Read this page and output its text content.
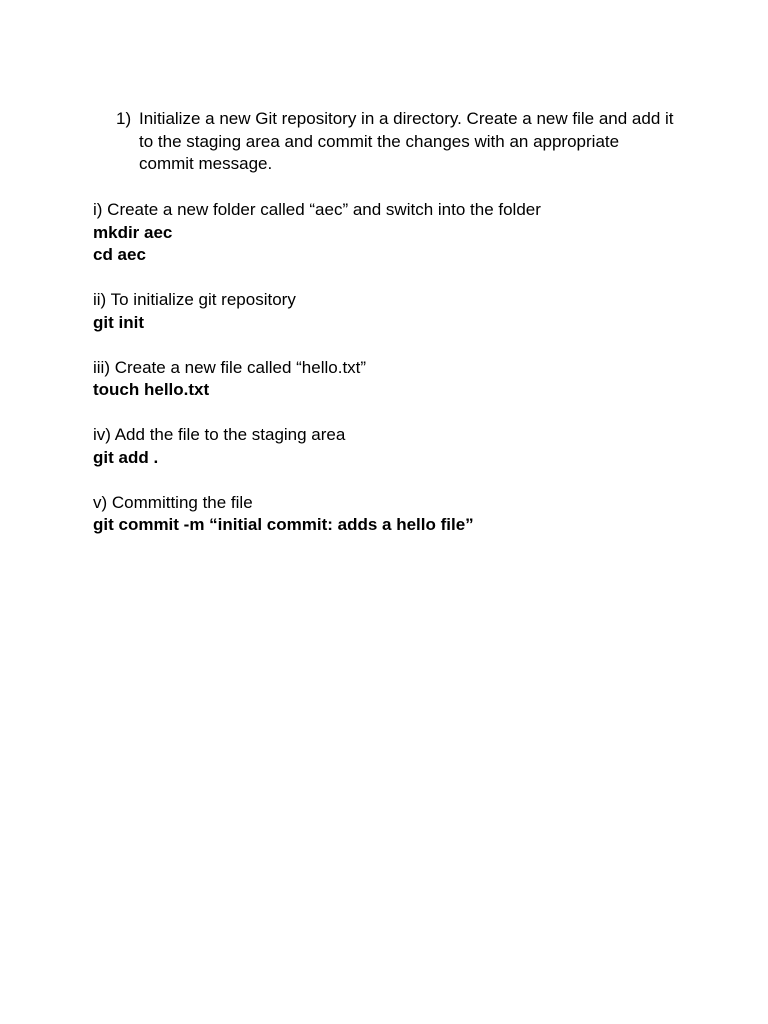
1) Initialize a new Git repository in a directory. Create a new file and add it to the staging area and commit the changes with an appropriate commit message.
i) Create a new folder called “aec” and switch into the folder
mkdir aec
cd aec
ii) To initialize git repository
git init
iii) Create a new file called “hello.txt”
touch hello.txt
iv) Add the file to the staging area
git add .
v) Committing the file
git commit -m “initial commit: adds a hello file”
